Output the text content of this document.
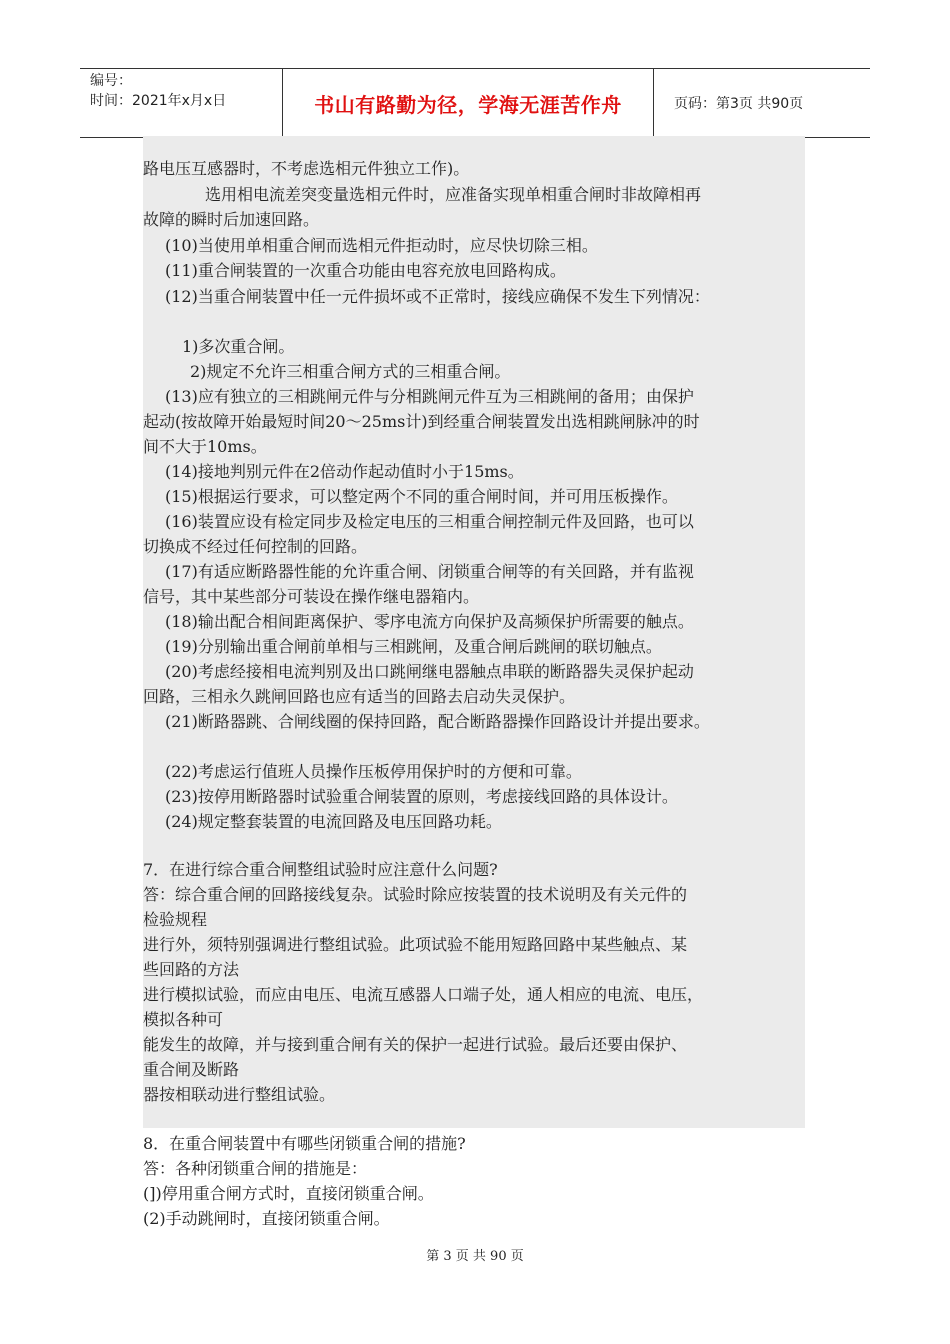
编号：
时间：2021年x月x日	书山有路勤为径，学海无涯苦作舟	页码：第3页 共90页
路电压互感器时，不考虑选相元件独立工作)。
选用相电流差突变量选相元件时，应准备实现单相重合闸时非故障相再
故障的瞬时后加速回路。
(10)当使用单相重合闸而选相元件拒动时，应尽快切除三相。
(11)重合闸装置的一次重合功能由电容充放电回路构成。
(12)当重合闸装置中任一元件损坏或不正常时，接线应确保不发生下列情况：
1)多次重合闸。
2)规定不允许三相重合闸方式的三相重合闸。
(13)应有独立的三相跳闸元件与分相跳闸元件互为三相跳闸的备用；由保护
起动(按故障开始最短时间20～25ms计)到经重合闸装置发出选相跳闸脉冲的时
间不大于10ms。
(14)接地判别元件在2倍动作起动值时小于15ms。
(15)根据运行要求，可以整定两个不同的重合闸时间，并可用压板操作。
(16)装置应设有检定同步及检定电压的三相重合闸控制元件及回路，也可以
切换成不经过任何控制的回路。
(17)有适应断路器性能的允许重合闸、闭锁重合闸等的有关回路，并有监视
信号，其中某些部分可装设在操作继电器箱内。
(18)输出配合相间距离保护、零序电流方向保护及高频保护所需要的触点。
(19)分别输出重合闸前单相与三相跳闸，及重合闸后跳闸的联切触点。
(20)考虑经接相电流判别及出口跳闸继电器触点串联的断路器失灵保护起动
回路，三相永久跳闸回路也应有适当的回路去启动失灵保护。
(21)断路器跳、合闸线圈的保持回路，配合断路器操作回路设计并提出要求。
(22)考虑运行值班人员操作压板停用保护时的方便和可靠。
(23)按停用断路器时试验重合闸装置的原则，考虑接线回路的具体设计。
(24)规定整套装置的电流回路及电压回路功耗。
7．在进行综合重合闸整组试验时应注意什么问题?
答：综合重合闸的回路接线复杂。试验时除应按装置的技术说明及有关元件的
检验规程
进行外，须特别强调进行整组试验。此项试验不能用短路回路中某些触点、某
些回路的方法
进行模拟试验，而应由电压、电流互感器人口端子处，通人相应的电流、电压，
模拟各种可
能发生的故障，并与接到重合闸有关的保护一起进行试验。最后还要由保护、
重合闸及断路
器按相联动进行整组试验。
8．在重合闸装置中有哪些闭锁重合闸的措施?
答：各种闭锁重合闸的措施是：
(])停用重合闸方式时，直接闭锁重合闸。
(2)手动跳闸时，直接闭锁重合闸。
第 3 页 共 90 页
